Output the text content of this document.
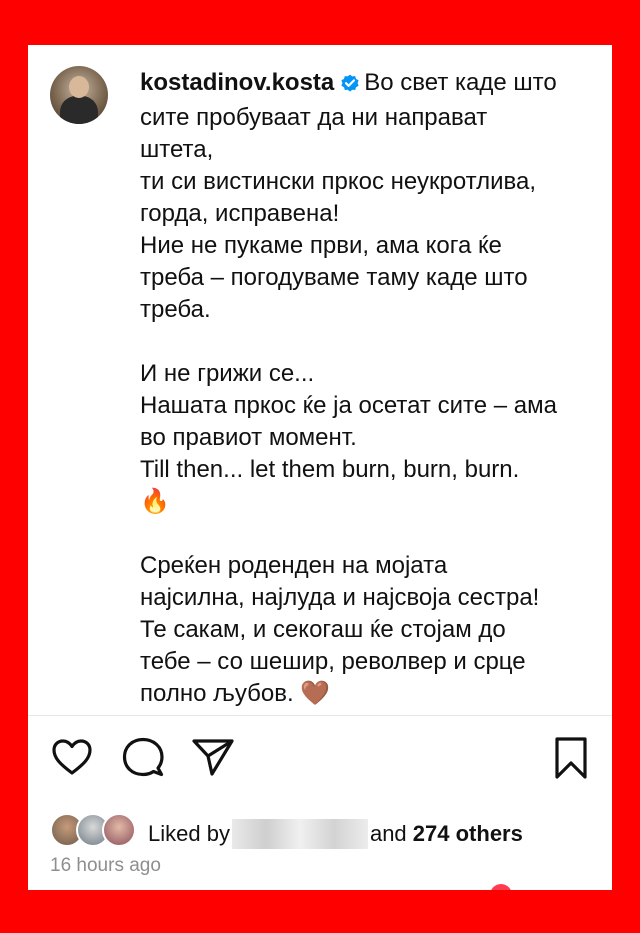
kostadinov.kosta Во свет каде што

сите пробуваат да ни направат

штета,

ти си вистински пркос неукротлива,

горда, исправена!

Ние не пукаме први, ама кога ќе

треба – погодуваме таму каде што

треба.

И не грижи се...

Нашата пркос ќе ја осетат сите – ама

во правиот момент.

Till then... let them burn, burn, burn.

🔥

Среќен роденден на мојата

најсилна, најлуда и најсвоја сестра!

Те сакам, и секогаш ќе стојам до

тебе – со шешир, револвер и срце

полно љубов. 🤎

Liked by	and 274 others
16 hours ago
